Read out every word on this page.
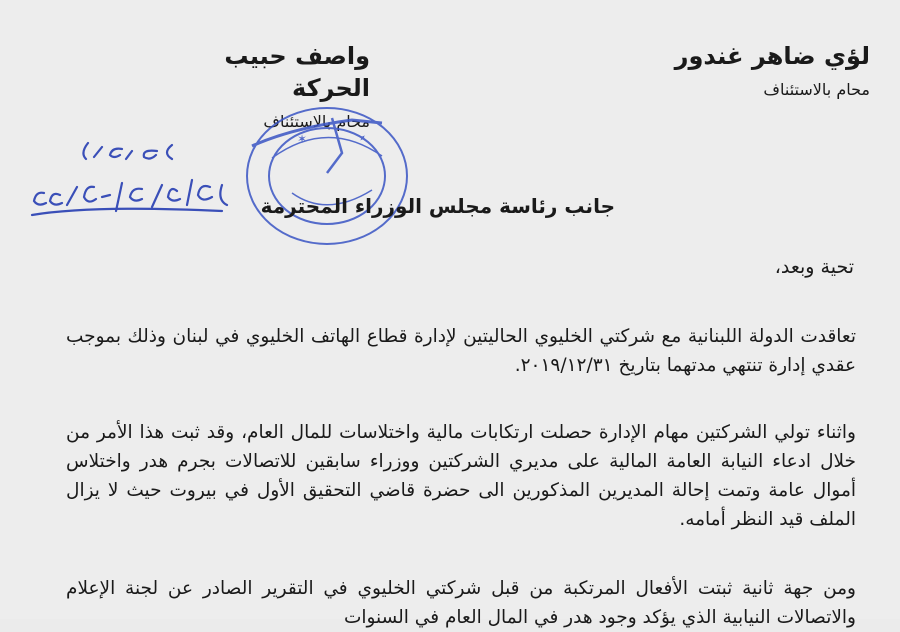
لؤي ضاهر غندور
محام بالاستئناف
واصف حبيب الحركة
محام بالاستئناف
✦
✶
جانب رئاسة مجلس الوزراء المحترمة
تحية وبعد،
تعاقدت الدولة اللبنانية مع شركتي الخليوي الحاليتين لإدارة قطاع الهاتف الخليوي في لبنان وذلك بموجب عقدي إدارة تنتهي مدتهما بتاريخ ٢٠١٩/١٢/٣١.
واثناء تولي الشركتين مهام الإدارة حصلت ارتكابات مالية واختلاسات للمال العام، وقد ثبت هذا الأمر من خلال ادعاء النيابة العامة المالية على مديري الشركتين ووزراء سابقين للاتصالات بجرم هدر واختلاس أموال عامة وتمت إحالة المديرين المذكورين الى حضرة قاضي التحقيق الأول في بيروت حيث لا يزال الملف قيد النظر أمامه.
ومن جهة ثانية ثبتت الأفعال المرتكبة من قبل شركتي الخليوي في التقرير الصادر عن لجنة الإعلام والاتصالات النيابية الذي يؤكد وجود هدر في المال العام في السنوات
